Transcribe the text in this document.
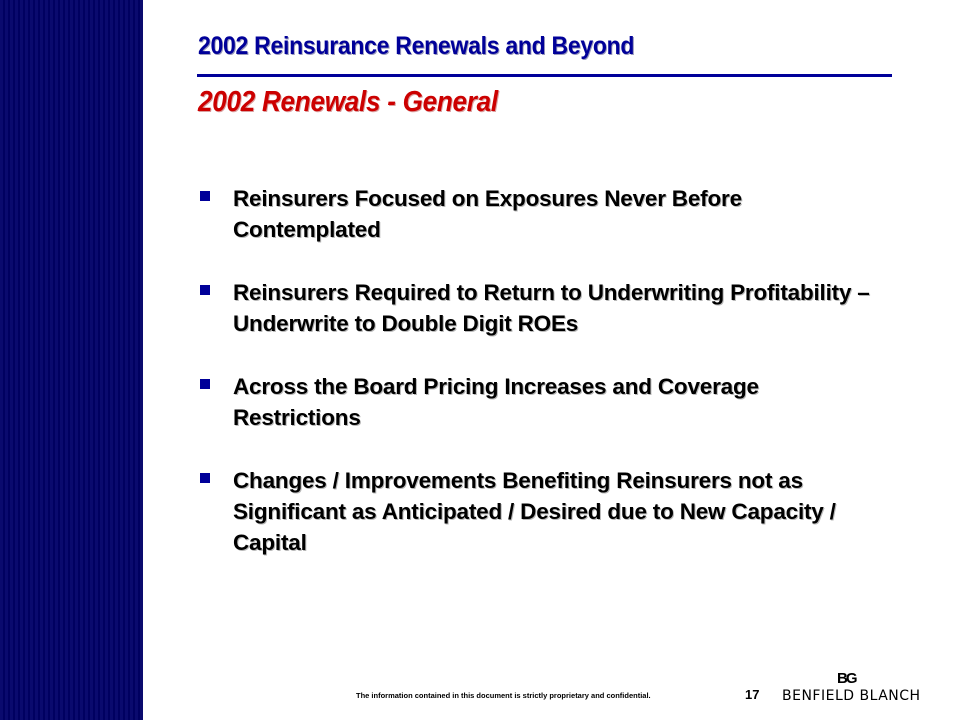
2002 Reinsurance Renewals and Beyond
2002 Renewals - General
Reinsurers Focused on Exposures Never Before Contemplated
Reinsurers Required to Return to Underwriting Profitability – Underwrite to Double Digit ROEs
Across the Board Pricing Increases and Coverage Restrictions
Changes / Improvements Benefiting Reinsurers not as Significant as Anticipated / Desired due to New Capacity / Capital
The information contained in this document is strictly proprietary and confidential.	17
BG
BENFIELD BLANCH
